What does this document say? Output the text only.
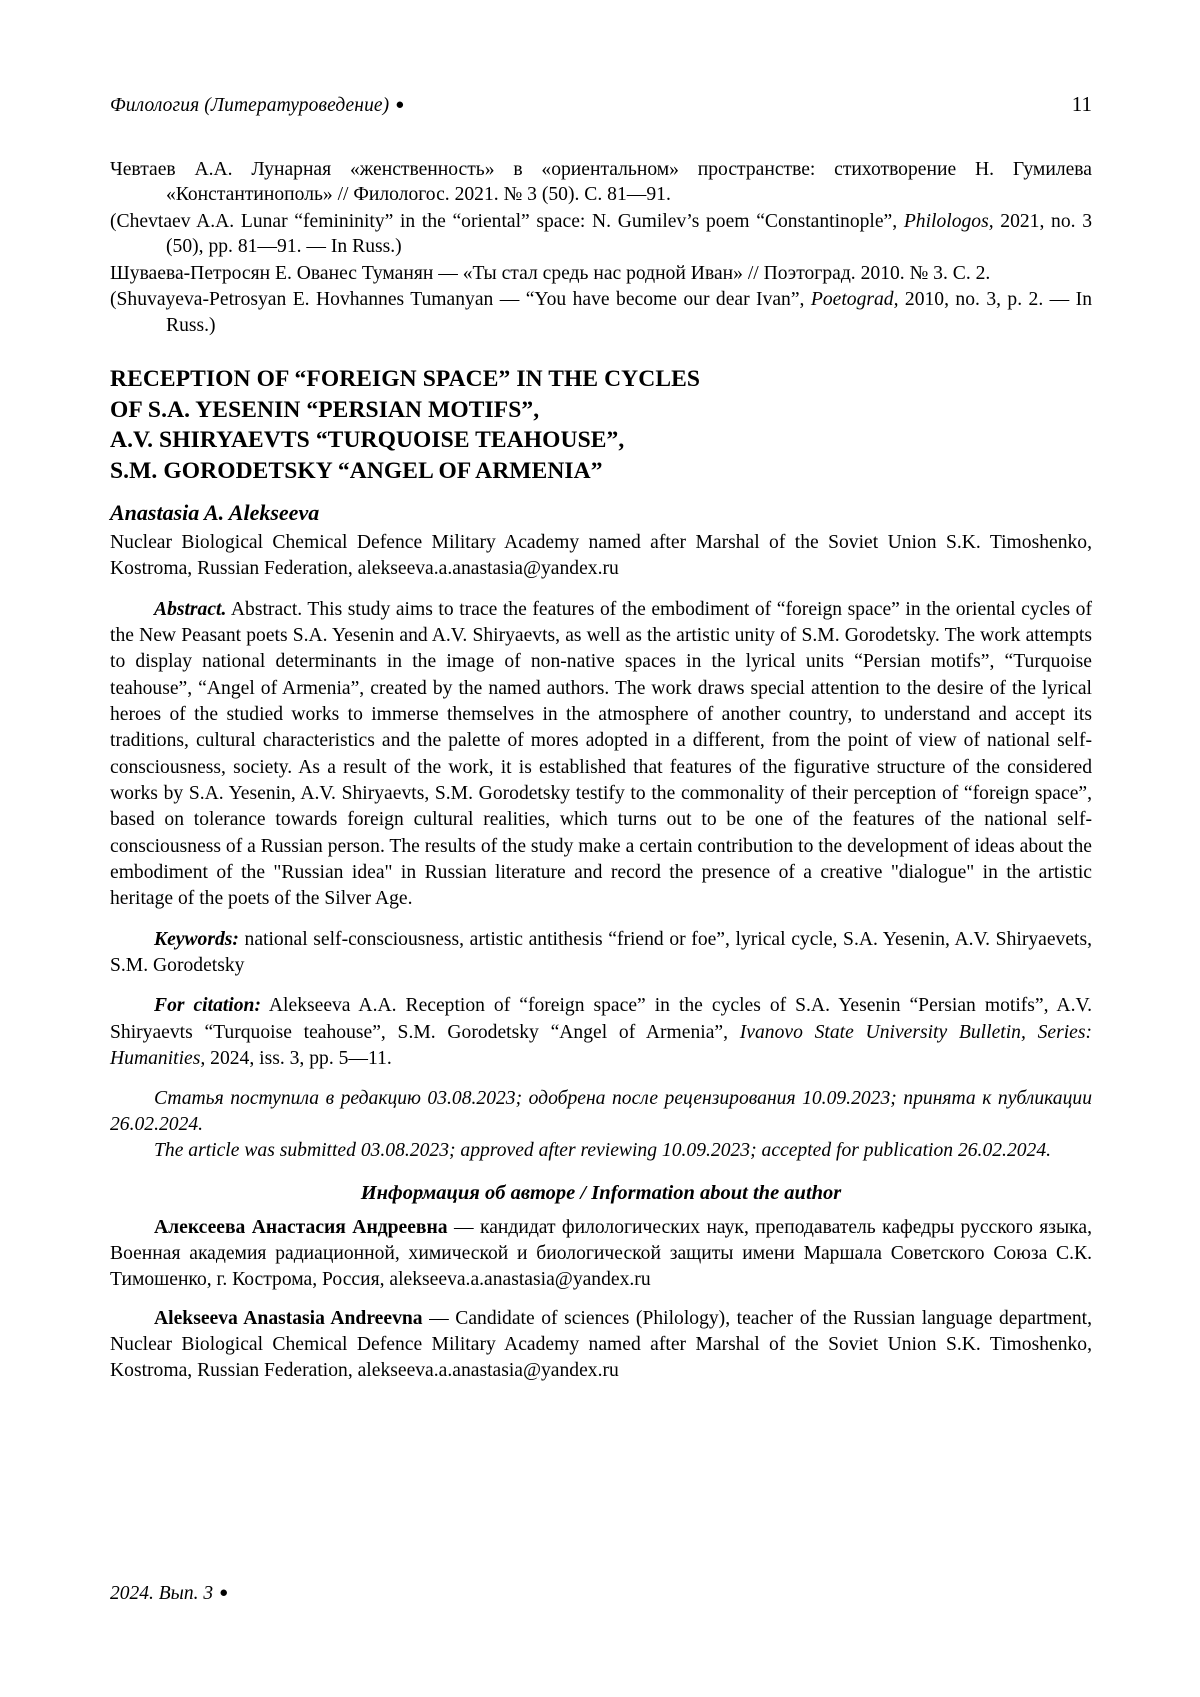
Филология (Литературоведение) ●	11
Чевтаев А.А. Лунарная «женственность» в «ориентальном» пространстве: стихотворение Н. Гумилева «Константинополь» // Филологос. 2021. № 3 (50). С. 81—91.
(Chevtaev A.A. Lunar “femininity” in the “oriental” space: N. Gumilev’s poem “Constantinople”, Philologos, 2021, no. 3 (50), pp. 81—91. — In Russ.)
Шуваева-Петросян Е. Ованес Туманян — «Ты стал средь нас родной Иван» // Поэтоград. 2010. № 3. С. 2.
(Shuvayeva-Petrosyan E. Hovhannes Tumanyan — “You have become our dear Ivan”, Poetograd, 2010, no. 3, p. 2. — In Russ.)
RECEPTION OF “FOREIGN SPACE” IN THE CYCLES
OF S.A. YESENIN “PERSIAN MOTIFS”,
A.V. SHIRYAEVTS “TURQUOISE TEAHOUSE”,
S.M. GORODETSKY “ANGEL OF ARMENIA”
Anastasia A. Alekseeva
Nuclear Biological Chemical Defence Military Academy named after Marshal of the Soviet Union S.K. Timoshenko, Kostroma, Russian Federation, alekseeva.a.anastasia@yandex.ru
Abstract. Abstract. This study aims to trace the features of the embodiment of “foreign space” in the oriental cycles of the New Peasant poets S.A. Yesenin and A.V. Shiryaevts, as well as the artistic unity of S.M. Gorodetsky. The work attempts to display national determinants in the image of non-native spaces in the lyrical units “Persian motifs”, “Turquoise teahouse”, “Angel of Armenia”, created by the named authors. The work draws special attention to the desire of the lyrical heroes of the studied works to immerse themselves in the atmosphere of another country, to understand and accept its traditions, cultural characteristics and the palette of mores adopted in a different, from the point of view of national self-consciousness, society. As a result of the work, it is established that features of the figurative structure of the considered works by S.A. Yesenin, A.V. Shiryaevts, S.M. Gorodetsky testify to the commonality of their perception of “foreign space”, based on tolerance towards foreign cultural realities, which turns out to be one of the features of the national self-consciousness of a Russian person. The results of the study make a certain contribution to the development of ideas about the embodiment of the "Russian idea" in Russian literature and record the presence of a creative "dialogue" in the artistic heritage of the poets of the Silver Age.
Keywords: national self-consciousness, artistic antithesis “friend or foe”, lyrical cycle, S.A. Yesenin, A.V. Shiryaevets, S.M. Gorodetsky
For citation: Alekseeva A.A. Reception of “foreign space” in the cycles of S.A. Yesenin “Persian motifs”, A.V. Shiryaevts “Turquoise teahouse”, S.M. Gorodetsky “Angel of Armenia”, Ivanovo State University Bulletin, Series: Humanities, 2024, iss. 3, pp. 5—11.
Статья поступила в редакцию 03.08.2023; одобрена после рецензирования 10.09.2023; принята к публикации 26.02.2024.
The article was submitted 03.08.2023; approved after reviewing 10.09.2023; accepted for publication 26.02.2024.
Информация об авторе / Information about the author
Алексеева Анастасия Андреевна — кандидат филологических наук, преподаватель кафедры русского языка, Военная академия радиационной, химической и биологической защиты имени Маршала Советского Союза С.К. Тимошенко, г. Кострома, Россия, alekseeva.a.anastasia@yandex.ru
Alekseeva Anastasia Andreevna — Candidate of sciences (Philology), teacher of the Russian language department, Nuclear Biological Chemical Defence Military Academy named after Marshal of the Soviet Union S.K. Timoshenko, Kostroma, Russian Federation, alekseeva.a.anastasia@yandex.ru
2024. Вып. 3 ●
